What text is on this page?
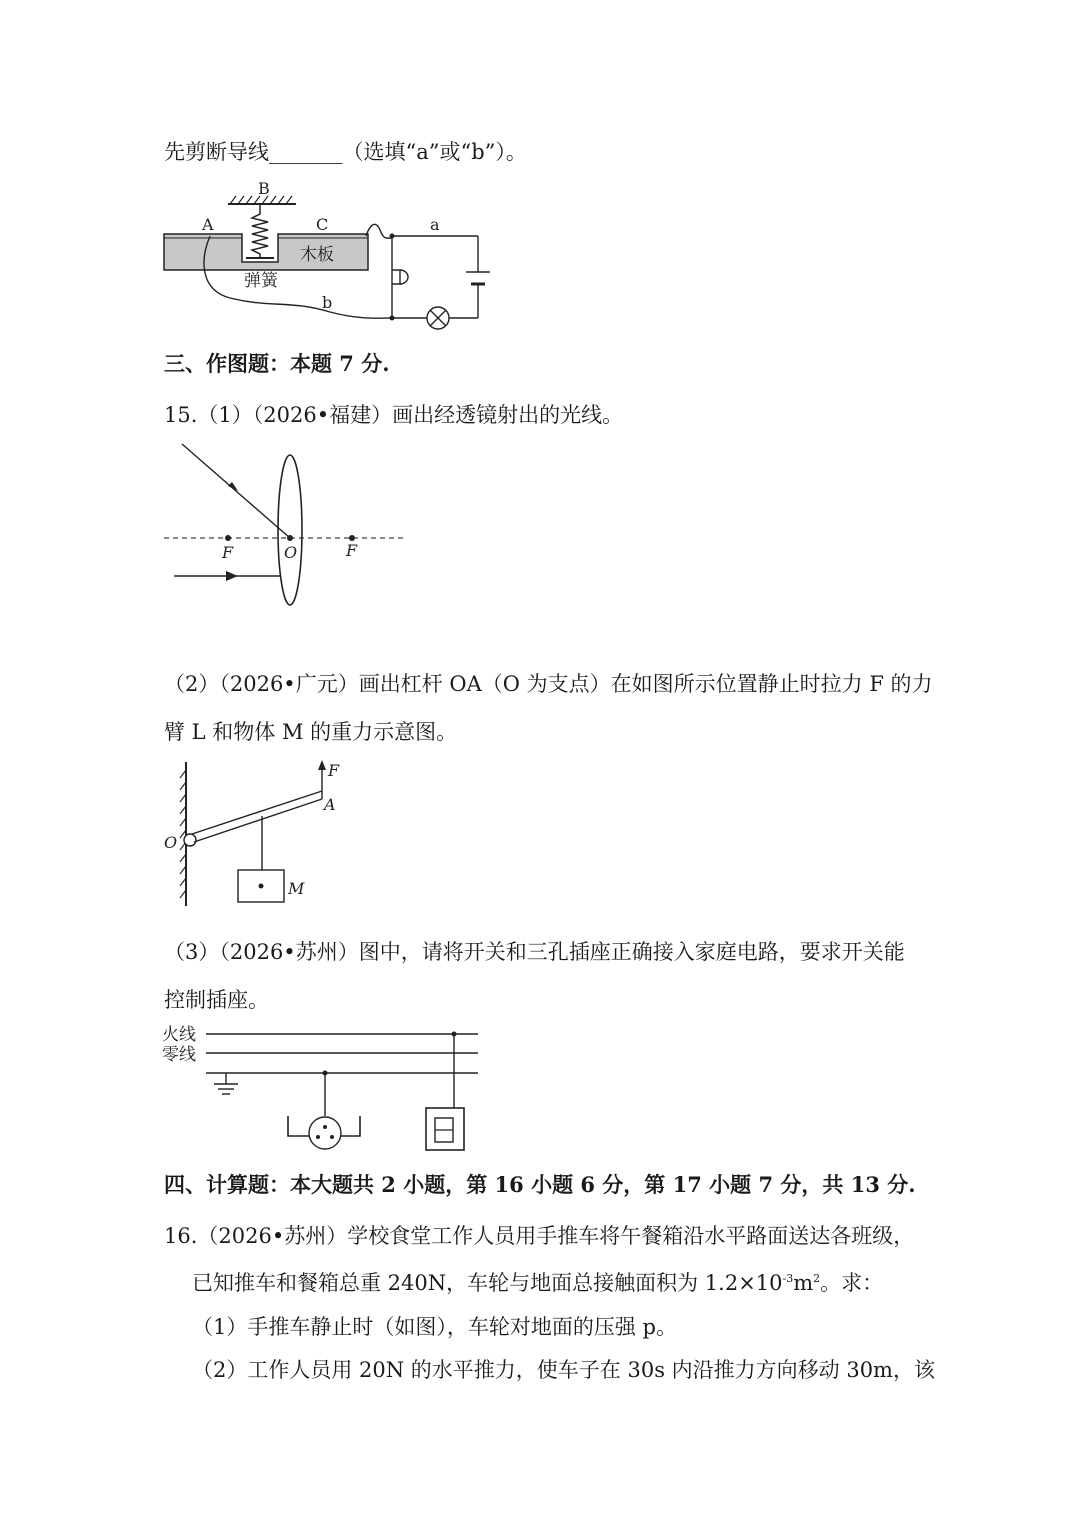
先剪断导线_______（选填“a”或“b”）。
A
B
C
木板
弹簧
a
b
三、作图题：本题 7 分.
15.（1）（2026•福建）画出经透镜射出的光线。
F	O	F
（2）（2026•广元）画出杠杆 OA（O 为支点）在如图所示位置静止时拉力 F 的力
臂 L 和物体 M 的重力示意图。
F
A
O
M
（3）（2026•苏州）图中，请将开关和三孔插座正确接入家庭电路，要求开关能
控制插座。
火线
零线
四、计算题：本大题共 2 小题，第 16 小题 6 分，第 17 小题 7 分，共 13 分.
16.（2026•苏州）学校食堂工作人员用手推车将午餐箱沿水平路面送达各班级，
已知推车和餐箱总重 240N，车轮与地面总接触面积为 $1.2\times 10^{-3}m^2$。求：
（1）手推车静止时（如图），车轮对地面的压强 p。
（2）工作人员用 20N 的水平推力，使车子在 30s 内沿推力方向移动 30m，该
